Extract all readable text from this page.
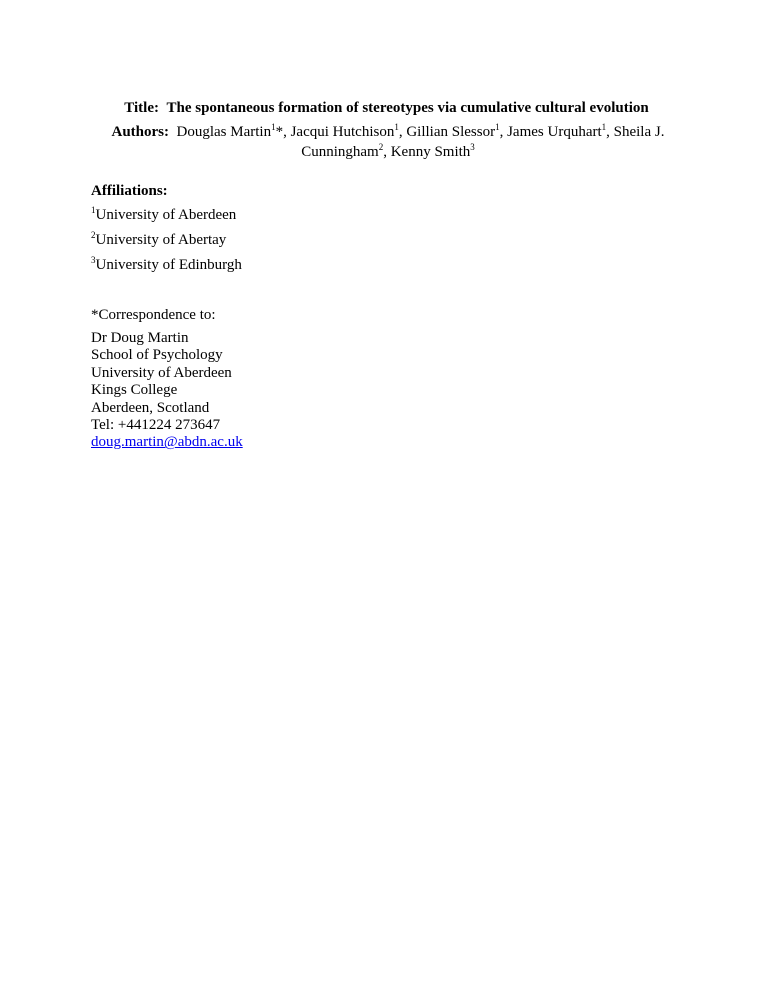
Title: The spontaneous formation of stereotypes via cumulative cultural evolution
Authors: Douglas Martin$^1$*, Jacqui Hutchison$^1$, Gillian Slessor$^1$, James Urquhart$^1$, Sheila J. Cunningham$^2$, Kenny Smith$^3$
Affiliations:
$^1$University of Aberdeen
$^2$University of Abertay
$^3$University of Edinburgh
*Correspondence to:
Dr Doug Martin
School of Psychology
University of Aberdeen
Kings College
Aberdeen, Scotland
Tel: +441224 273647
doug.martin@abdn.ac.uk
